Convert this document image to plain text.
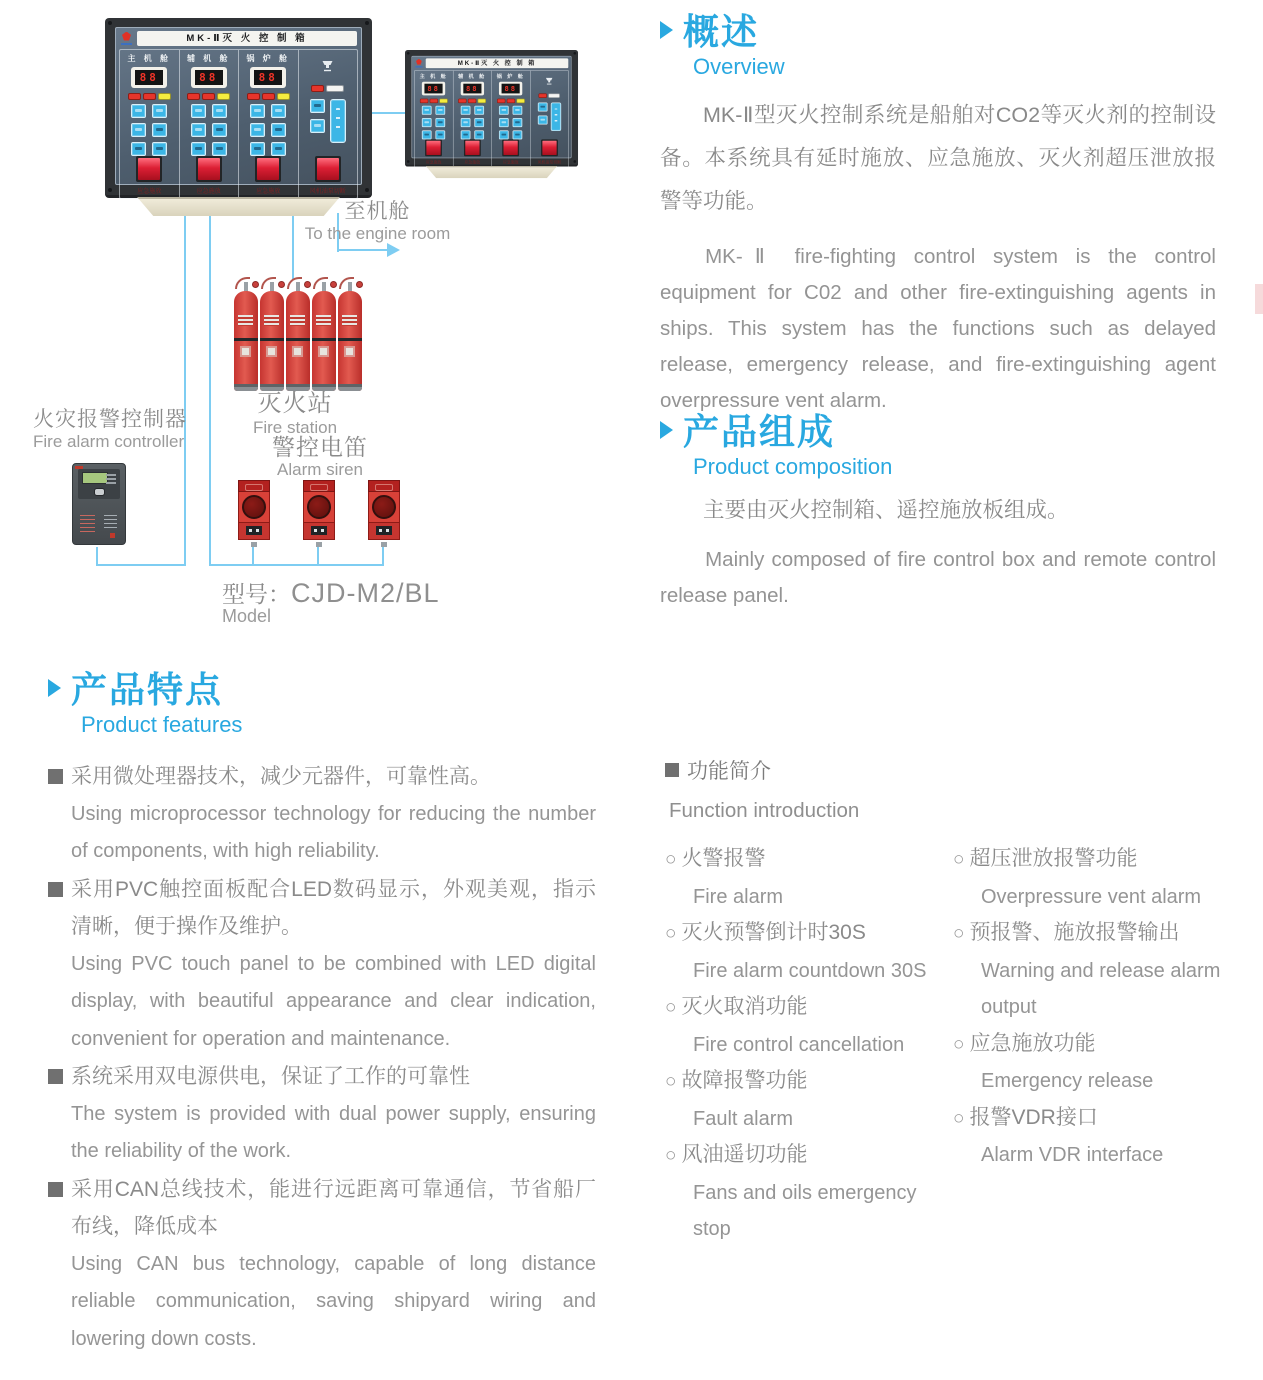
MK-Ⅱ灭 火 控 制 箱
主 机 舱
88
应急施放
辅 机 舱
88
应急施放
锅 炉 舱
88
应急施放	风机油泵切断
MK-Ⅱ灭 火 控 制 箱
主 机 舱
88
应急施放
辅 机 舱
88
应急施放
锅 炉 舱
88
应急施放	风机油泵切断
至机舱
To the engine room
灭火站
Fire station
警控电笛
Alarm siren
火灾报警控制器
Fire alarm controller
型号：CJD-M2/BL
Model
概述
Overview

MK-Ⅱ型灭火控制系统是船舶对CO2等灭火剂的控制设备。本系统具有延时施放、应急施放、灭火剂超压泄放报警等功能。

MK-Ⅱ fire-fighting control system is the control equipment for C02 and other fire-extinguishing agents in ships. This system has the functions such as delayed release, emergency release, and fire-extinguishing agent overpressure vent alarm.

产品组成
Product composition

主要由灭火控制箱、遥控施放板组成。

Mainly composed of fire control box and remote control release panel.

产品特点
Product features
采用微处理器技术，减少元器件，可靠性高。
Using microprocessor technology for reducing the number of components, with high reliability.
采用PVC触控面板配合LED数码显示，外观美观，指示清晰，便于操作及维护。
Using PVC touch panel to be combined with LED digital display, with beautiful appearance and clear indication, convenient for operation and maintenance.
系统采用双电源供电，保证了工作的可靠性
The system is provided with dual power supply, ensuring the reliability of the work.
采用CAN总线技术，能进行远距离可靠通信，节省船厂布线，降低成本
Using CAN bus technology, capable of long distance reliable communication, saving shipyard wiring and lowering down costs.
功能简介
Function introduction
○ 火警报警
Fire alarm
○ 灭火预警倒计时30S
Fire alarm countdown 30S
○ 灭火取消功能
Fire control cancellation
○ 故障报警功能
Fault alarm
○ 风油遥切功能
Fans and oils emergency stop
○ 超压泄放报警功能
Overpressure vent alarm
○ 预报警、施放报警输出
Warning and release alarm output
○ 应急施放功能
Emergency release
○ 报警VDR接口
Alarm VDR interface
